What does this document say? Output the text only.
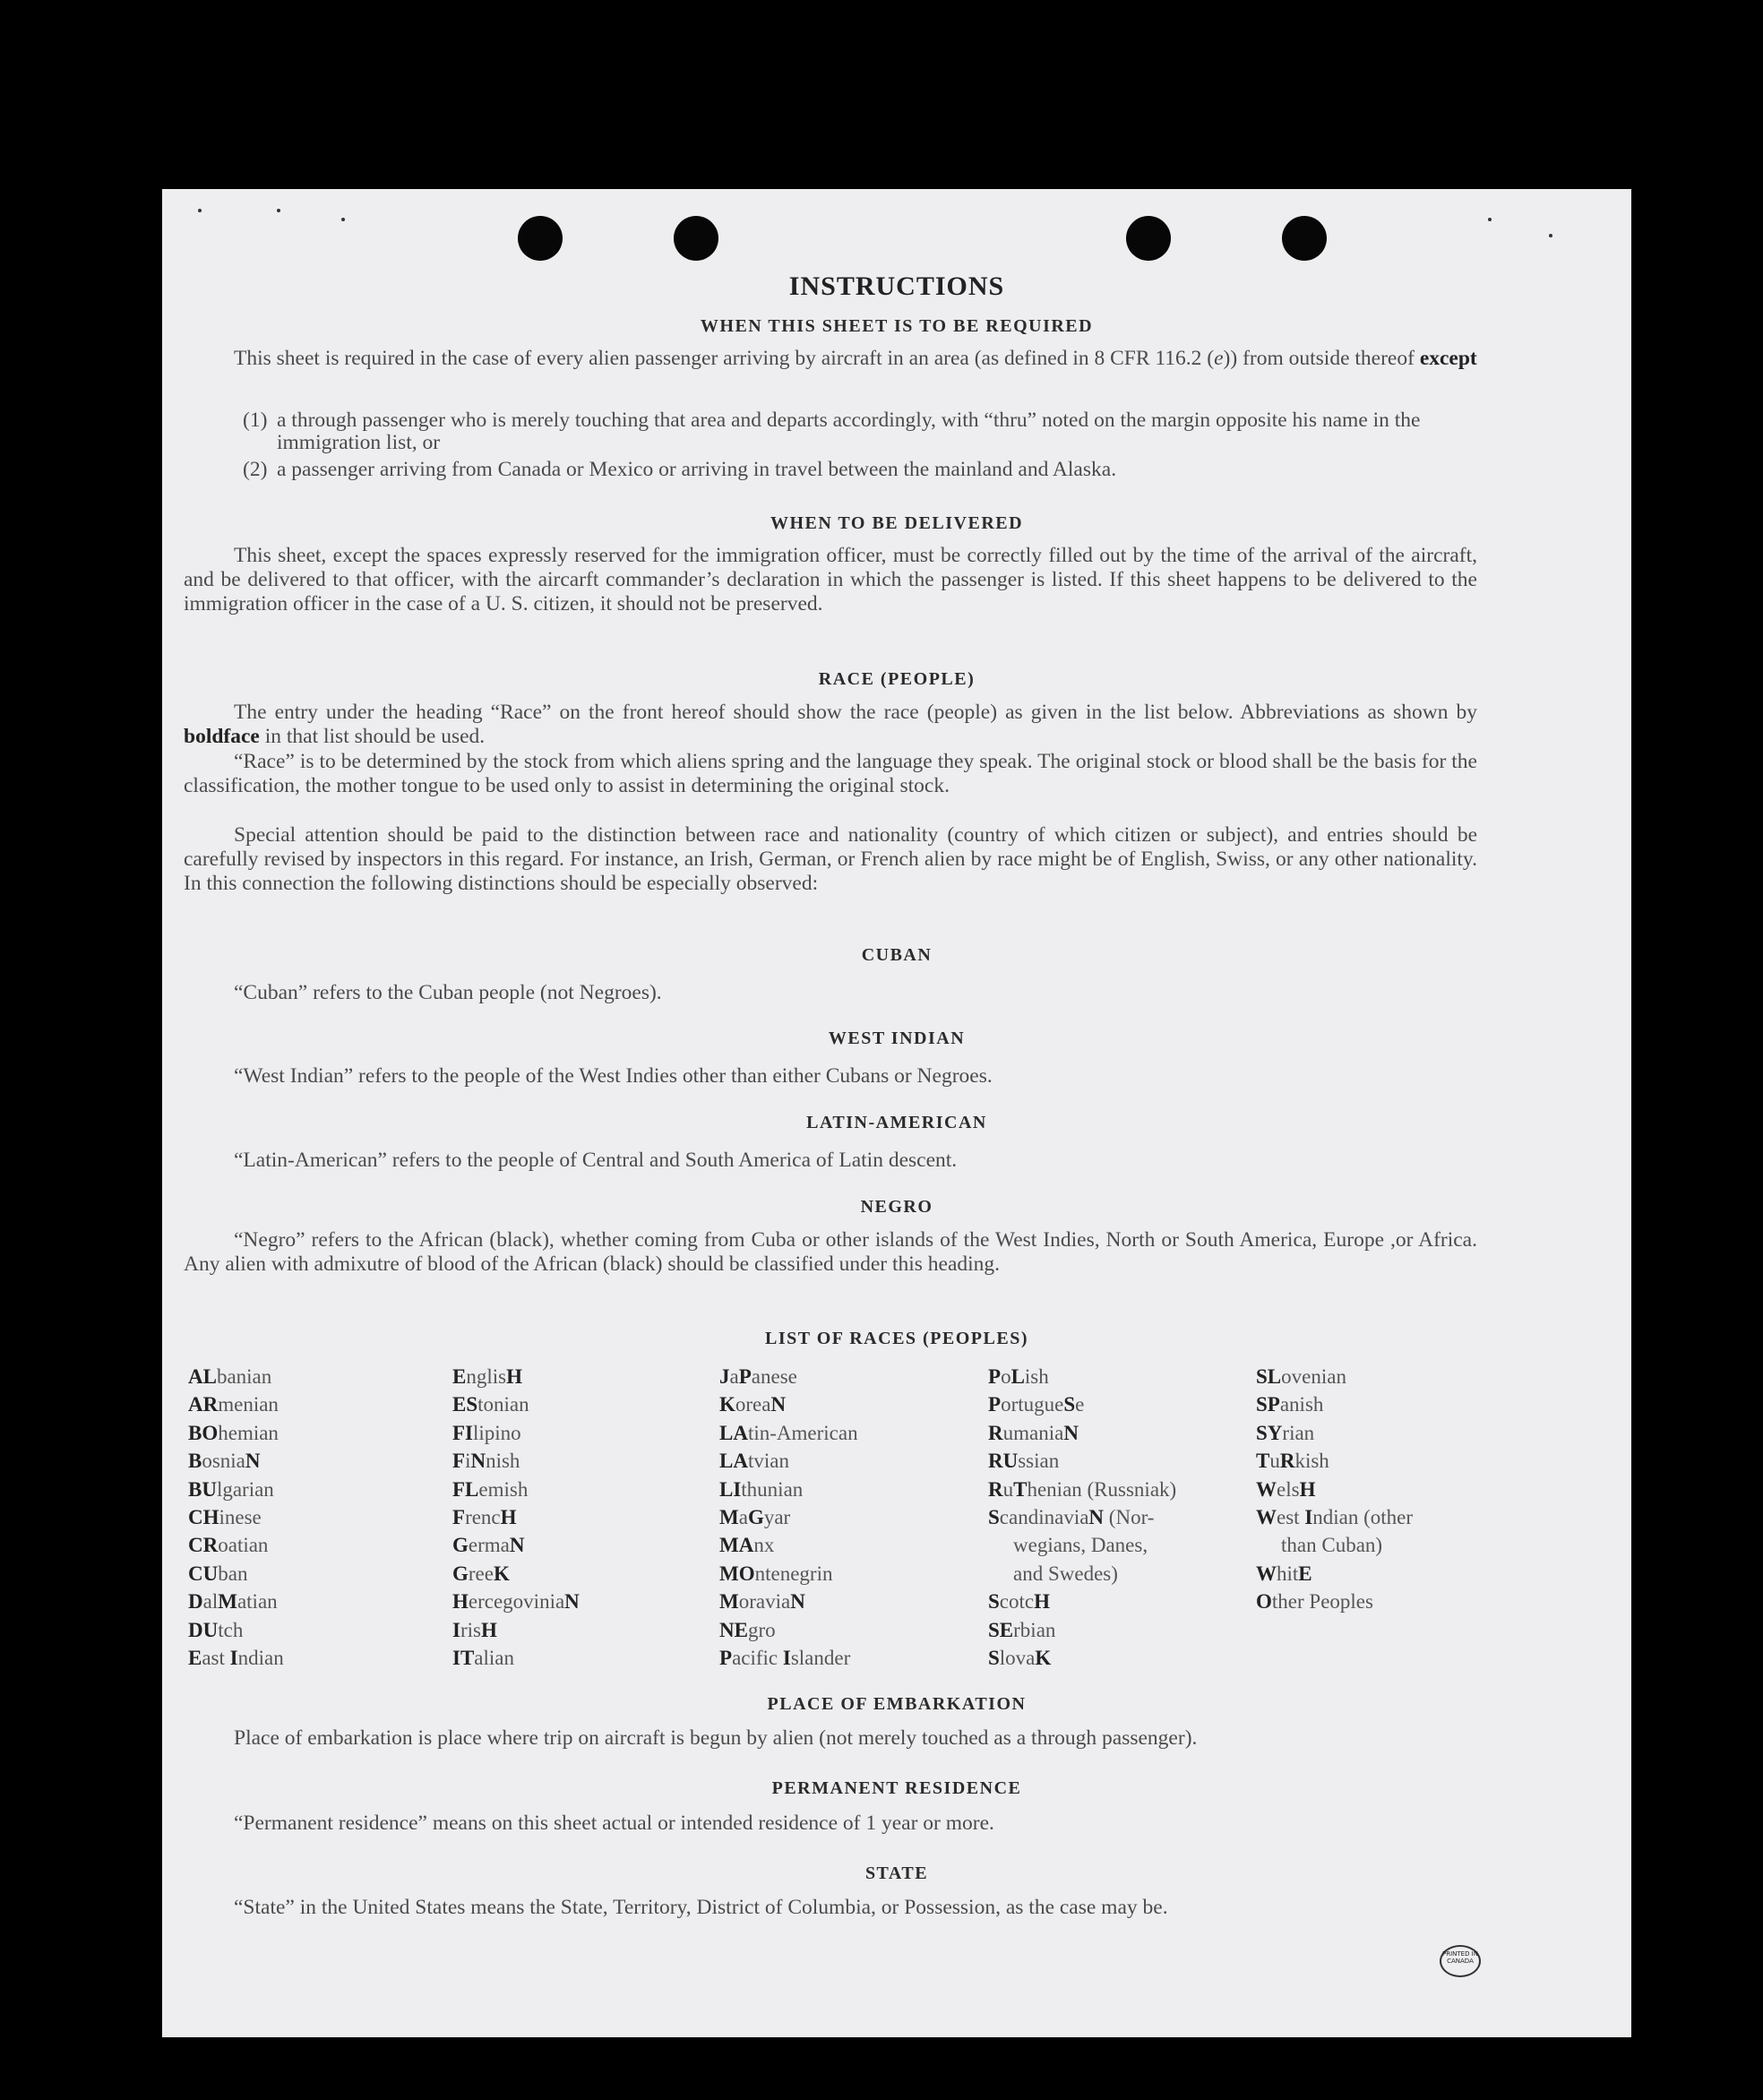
INSTRUCTIONS
WHEN THIS SHEET IS TO BE REQUIRED
This sheet is required in the case of every alien passenger arriving by aircraft in an area (as defined in 8 CFR 116.2 (e)) from outside thereof except
(1) a through passenger who is merely touching that area and departs accordingly, with “thru” noted on the margin opposite his name in the immigration list, or
(2) a passenger arriving from Canada or Mexico or arriving in travel between the mainland and Alaska.
WHEN TO BE DELIVERED
This sheet, except the spaces expressly reserved for the immigration officer, must be correctly filled out by the time of the arrival of the aircraft, and be delivered to that officer, with the aircarft commander’s declaration in which the passenger is listed. If this sheet happens to be delivered to the immigration officer in the case of a U. S. citizen, it should not be preserved.
RACE (PEOPLE)
The entry under the heading “Race” on the front hereof should show the race (people) as given in the list below. Abbreviations as shown by boldface in that list should be used.
“Race” is to be determined by the stock from which aliens spring and the language they speak. The original stock or blood shall be the basis for the classification, the mother tongue to be used only to assist in determining the original stock.
Special attention should be paid to the distinction between race and nationality (country of which citizen or subject), and entries should be carefully revised by inspectors in this regard. For instance, an Irish, German, or French alien by race might be of English, Swiss, or any other nationality. In this connection the following distinctions should be especially observed:
CUBAN
“Cuban” refers to the Cuban people (not Negroes).
WEST INDIAN
“West Indian” refers to the people of the West Indies other than either Cubans or Negroes.
LATIN-AMERICAN
“Latin-American” refers to the people of Central and South America of Latin descent.
NEGRO
“Negro” refers to the African (black), whether coming from Cuba or other islands of the West Indies, North or South America, Europe ,or Africa. Any alien with admixutre of blood of the African (black) should be classified under this heading.
LIST OF RACES (PEOPLES)
ALbanian
ARmenian
BOhemian
BosniaN
BUlgarian
CHinese
CRoatian
CUban
DalMatian
DUtch
East Indian
EnglisH
EStonian
FIlipino
FiNnish
FLemish
FrencH
GermaN
GreeK
HercegoviniaN
IrisH
ITalian
JaPanese
KoreaN
LAtin-American
LAtvian
LIthunian
MaGyar
MAnx
MOntenegrin
MoraviaN
NEgro
Pacific Islander
PoLish
PortugueSe
RumaniaN
RUssian
RuThenian (Russniak)
ScandinaviaN (Nor-
wegians, Danes,
and Swedes)
ScotcH
SErbian
SlovaK
SLovenian
SPanish
SYrian
TuRkish
WelsH
West Indian (other
than Cuban)
WhitE
Other Peoples
PLACE OF EMBARKATION
Place of embarkation is place where trip on aircraft is begun by alien (not merely touched as a through passenger).
PERMANENT RESIDENCE
“Permanent residence” means on this sheet actual or intended residence of 1 year or more.
STATE
“State” in the United States means the State, Territory, District of Columbia, or Possession, as the case may be.
PRINTED IN CANADA
